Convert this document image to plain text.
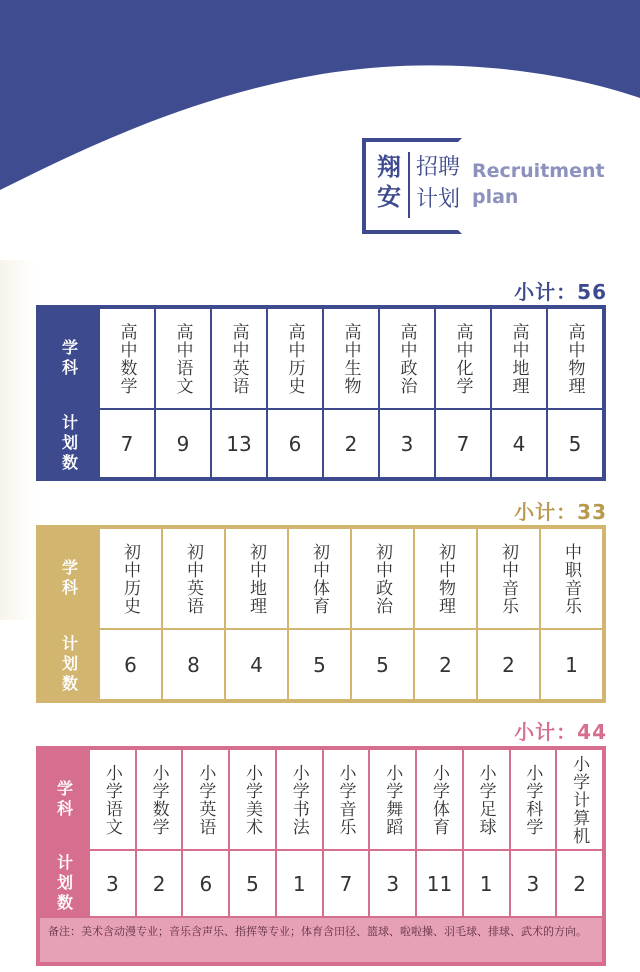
翔安
招聘计划
Recruitment plan
小计：56
学科	高中数学	高中语文	高中英语	高中历史	高中生物	高中政治	高中化学	高中地理	高中物理
计划数	7	9	13	6	2	3	7	4	5
小计：33
学科	初中历史	初中英语	初中地理	初中体育	初中政治	初中物理	初中音乐	中职音乐
计划数	6	8	4	5	5	2	2	1
小计：44
学科	小学语文	小学数学	小学英语	小学美术	小学书法	小学音乐	小学舞蹈	小学体育	小学足球	小学科学	小学计算机
计划数	3	2	6	5	1	7	3	11	1	3	2
备注：美术含动漫专业；音乐含声乐、指挥等专业；体育含田径、篮球、啦啦操、羽毛球、排球、武术的方向。
